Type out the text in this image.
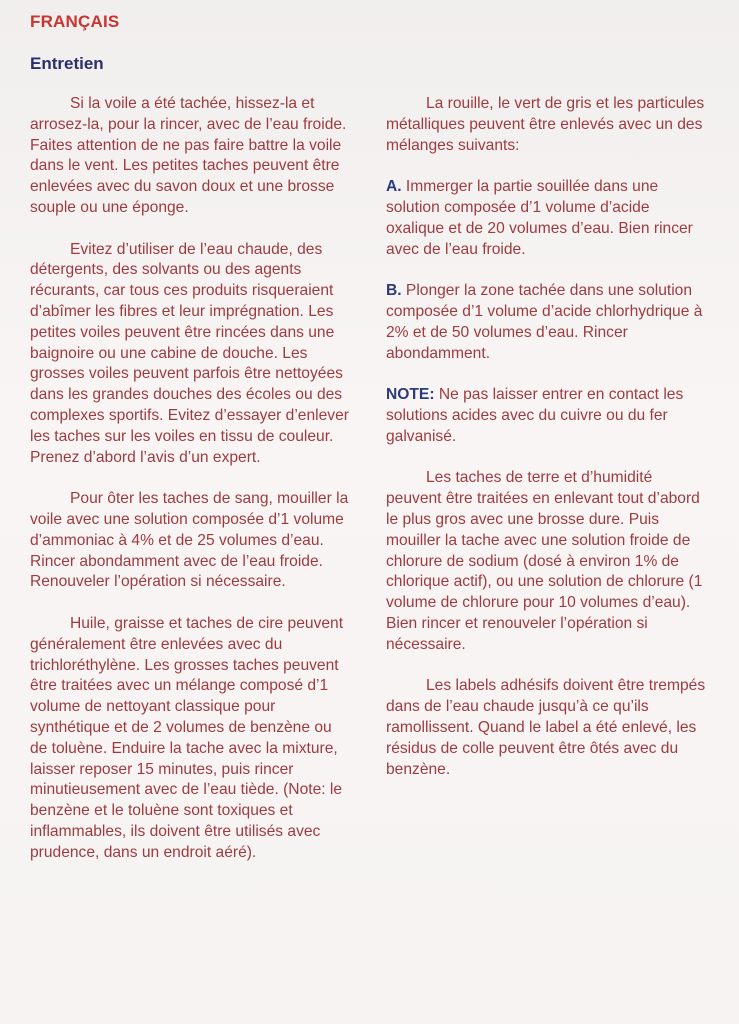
FRANÇAIS
Entretien

Si la voile a été tachée, hissez-la et arrosez-la, pour la rincer, avec de l’eau froide. Faites attention de ne pas faire battre la voile dans le vent. Les petites taches peuvent être enlevées avec du savon doux et une brosse souple ou une éponge.

Evitez d’utiliser de l’eau chaude, des détergents, des solvants ou des agents récurants, car tous ces produits risqueraient d’abîmer les fibres et leur imprégnation. Les petites voiles peuvent être rincées dans une baignoire ou une cabine de douche. Les grosses voiles peuvent parfois être nettoyées dans les grandes douches des écoles ou des complexes sportifs. Evitez d’essayer d’enlever les taches sur les voiles en tissu de couleur. Prenez d’abord l’avis d’un expert.

Pour ôter les taches de sang, mouiller la voile avec une solution composée d’1 volume d’ammoniac à 4% et de 25 volumes d’eau. Rincer abondamment avec de l’eau froide. Renouveler l’opération si nécessaire.

Huile, graisse et taches de cire peuvent généralement être enlevées avec du trichloréthylène. Les grosses taches peuvent être traitées avec un mélange composé d’1 volume de nettoyant classique pour synthétique et de 2 volumes de benzène ou de toluène. Enduire la tache avec la mixture, laisser reposer 15 minutes, puis rincer minutieusement avec de l’eau tiède. (Note: le benzène et le toluène sont toxiques et inflammables, ils doivent être utilisés avec prudence, dans un endroit aéré).

La rouille, le vert de gris et les particules métalliques peuvent être enlevés avec un des mélanges suivants:

A. Immerger la partie souillée dans une solution composée d’1 volume d’acide oxalique et de 20 volumes d’eau. Bien rincer avec de l’eau froide.

B. Plonger la zone tachée dans une solution composée d’1 volume d’acide chlorhydrique à 2% et de 50 volumes d’eau. Rincer abondamment.

NOTE: Ne pas laisser entrer en contact les solutions acides avec du cuivre ou du fer galvanisé.

Les taches de terre et d’humidité peuvent être traitées en enlevant tout d’abord le plus gros avec une brosse dure. Puis mouiller la tache avec une solution froide de chlorure de sodium (dosé à environ 1% de chlorique actif), ou une solution de chlorure (1 volume de chlorure pour 10 volumes d’eau). Bien rincer et renouveler l’opération si nécessaire.

Les labels adhésifs doivent être trempés dans de l’eau chaude jusqu’à ce qu’ils ramollissent. Quand le label a été enlevé, les résidus de colle peuvent être ôtés avec du benzène.
